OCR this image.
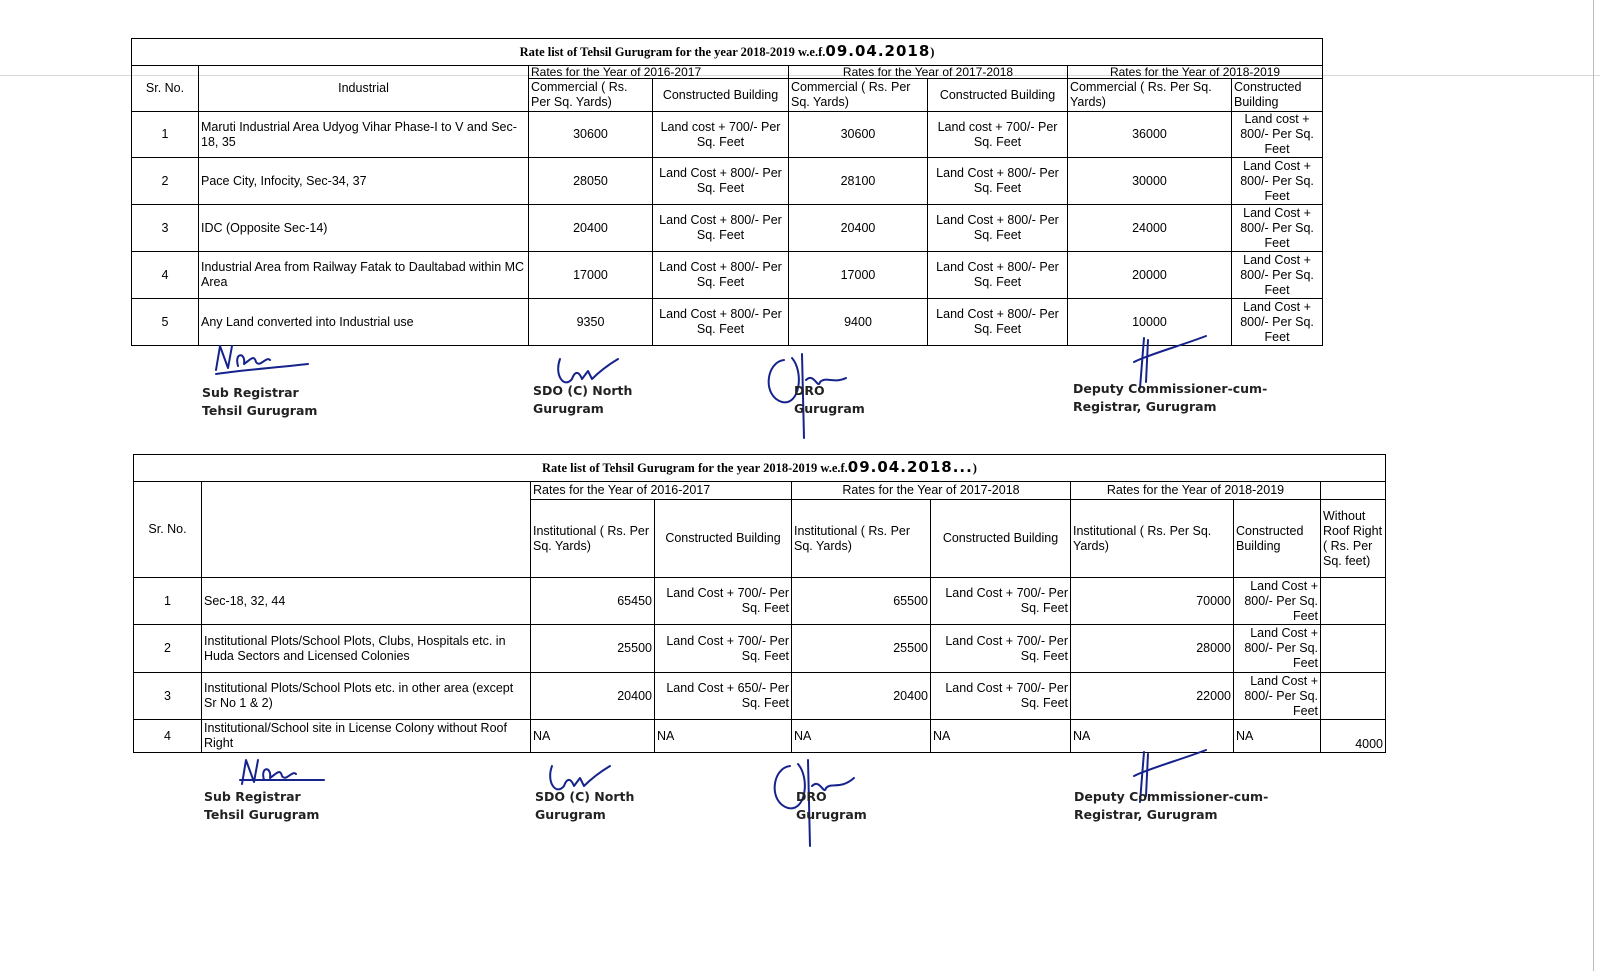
Rate list of Tehsil Gurugram for the year 2018-2019 w.e.f.09.04.2018)							
Sr. No.	Industrial	Rates for the Year of 2016-2017		Rates for the Year of 2017-2018		Rates for the Year of 2018-2019	
		Commercial ( Rs. Per Sq. Yards)	Constructed Building	Commercial ( Rs. Per Sq. Yards)	Constructed Building	Commercial ( Rs. Per Sq. Yards)	Constructed Building
1	Maruti Industrial Area Udyog Vihar Phase-I to V and Sec-18, 35	30600	Land cost + 700/- Per Sq. Feet	30600	Land cost + 700/- Per Sq. Feet	36000	Land cost + 800/- Per Sq. Feet
2	Pace City, Infocity, Sec-34, 37	28050	Land Cost + 800/- Per Sq. Feet	28100	Land Cost + 800/- Per Sq. Feet	30000	Land Cost + 800/- Per Sq. Feet
3	IDC (Opposite Sec-14)	20400	Land Cost + 800/- Per Sq. Feet	20400	Land Cost + 800/- Per Sq. Feet	24000	Land Cost + 800/- Per Sq. Feet
4	Industrial Area from Railway Fatak to Daultabad within MC Area	17000	Land Cost + 800/- Per Sq. Feet	17000	Land Cost + 800/- Per Sq. Feet	20000	Land Cost + 800/- Per Sq. Feet
5	Any Land converted into Industrial use	9350	Land Cost + 800/- Per Sq. Feet	9400	Land Cost + 800/- Per Sq. Feet	10000	Land Cost + 800/- Per Sq. Feet
Sub Registrar
Tehsil Gurugram
SDO (C) North
Gurugram
DRO
Gurugram
Deputy Commissioner-cum-
Registrar, Gurugram
Rate list of Tehsil Gurugram for the year 2018-2019 w.e.f.09.04.2018...)								
Sr. No.		Rates for the Year of 2016-2017		Rates for the Year of 2017-2018		Rates for the Year of 2018-2019		
		Institutional ( Rs. Per Sq. Yards)	Constructed Building	Institutional ( Rs. Per Sq. Yards)	Constructed Building	Institutional ( Rs. Per Sq. Yards)	Constructed Building	Without Roof Right ( Rs. Per Sq. feet)
1	Sec-18, 32, 44	65450	Land Cost + 700/- Per Sq. Feet	65500	Land Cost + 700/- Per Sq. Feet	70000	Land Cost + 800/- Per Sq. Feet	
2	Institutional Plots/School Plots, Clubs, Hospitals etc. in Huda Sectors and Licensed Colonies	25500	Land Cost + 700/- Per Sq. Feet	25500	Land Cost + 700/- Per Sq. Feet	28000	Land Cost + 800/- Per Sq. Feet	
3	Institutional Plots/School Plots etc. in other area (except Sr No 1 & 2)	20400	Land Cost + 650/- Per Sq. Feet	20400	Land Cost + 700/- Per Sq. Feet	22000	Land Cost + 800/- Per Sq. Feet	
4	Institutional/School site in License Colony without Roof Right	NA	NA	NA	NA	NA	NA	4000
Sub Registrar
Tehsil Gurugram
SDO (C) North
Gurugram
DRO
Gurugram
Deputy Commissioner-cum-
Registrar, Gurugram
